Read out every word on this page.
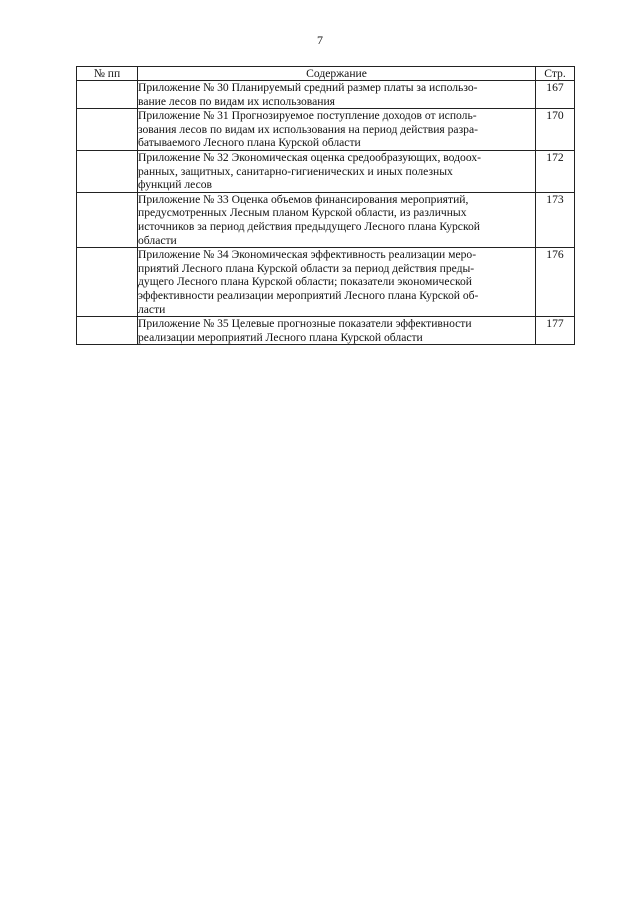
7
№ пп	Содержание	Стр.

	Приложение № 30 Планируемый средний размер платы за использо-
вание лесов по видам их использования	167

	Приложение № 31 Прогнозируемое поступление доходов от исполь-
зования лесов по видам их использования на период действия разра-
батываемого Лесного плана Курской области	170

	Приложение № 32 Экономическая оценка средообразующих, водоох-
ранных, защитных, санитарно-гигиенических и иных полезных
функций лесов	172

	Приложение № 33 Оценка объемов финансирования мероприятий,
предусмотренных Лесным планом Курской области, из различных
источников за период действия предыдущего Лесного плана Курской
области	173

	Приложение № 34 Экономическая эффективность реализации меро-
приятий Лесного плана Курской области за период действия преды-
дущего Лесного плана Курской области; показатели экономической
эффективности реализации мероприятий Лесного плана Курской об-
ласти	176

	Приложение № 35 Целевые прогнозные показатели эффективности
реализации мероприятий Лесного плана Курской области	177
